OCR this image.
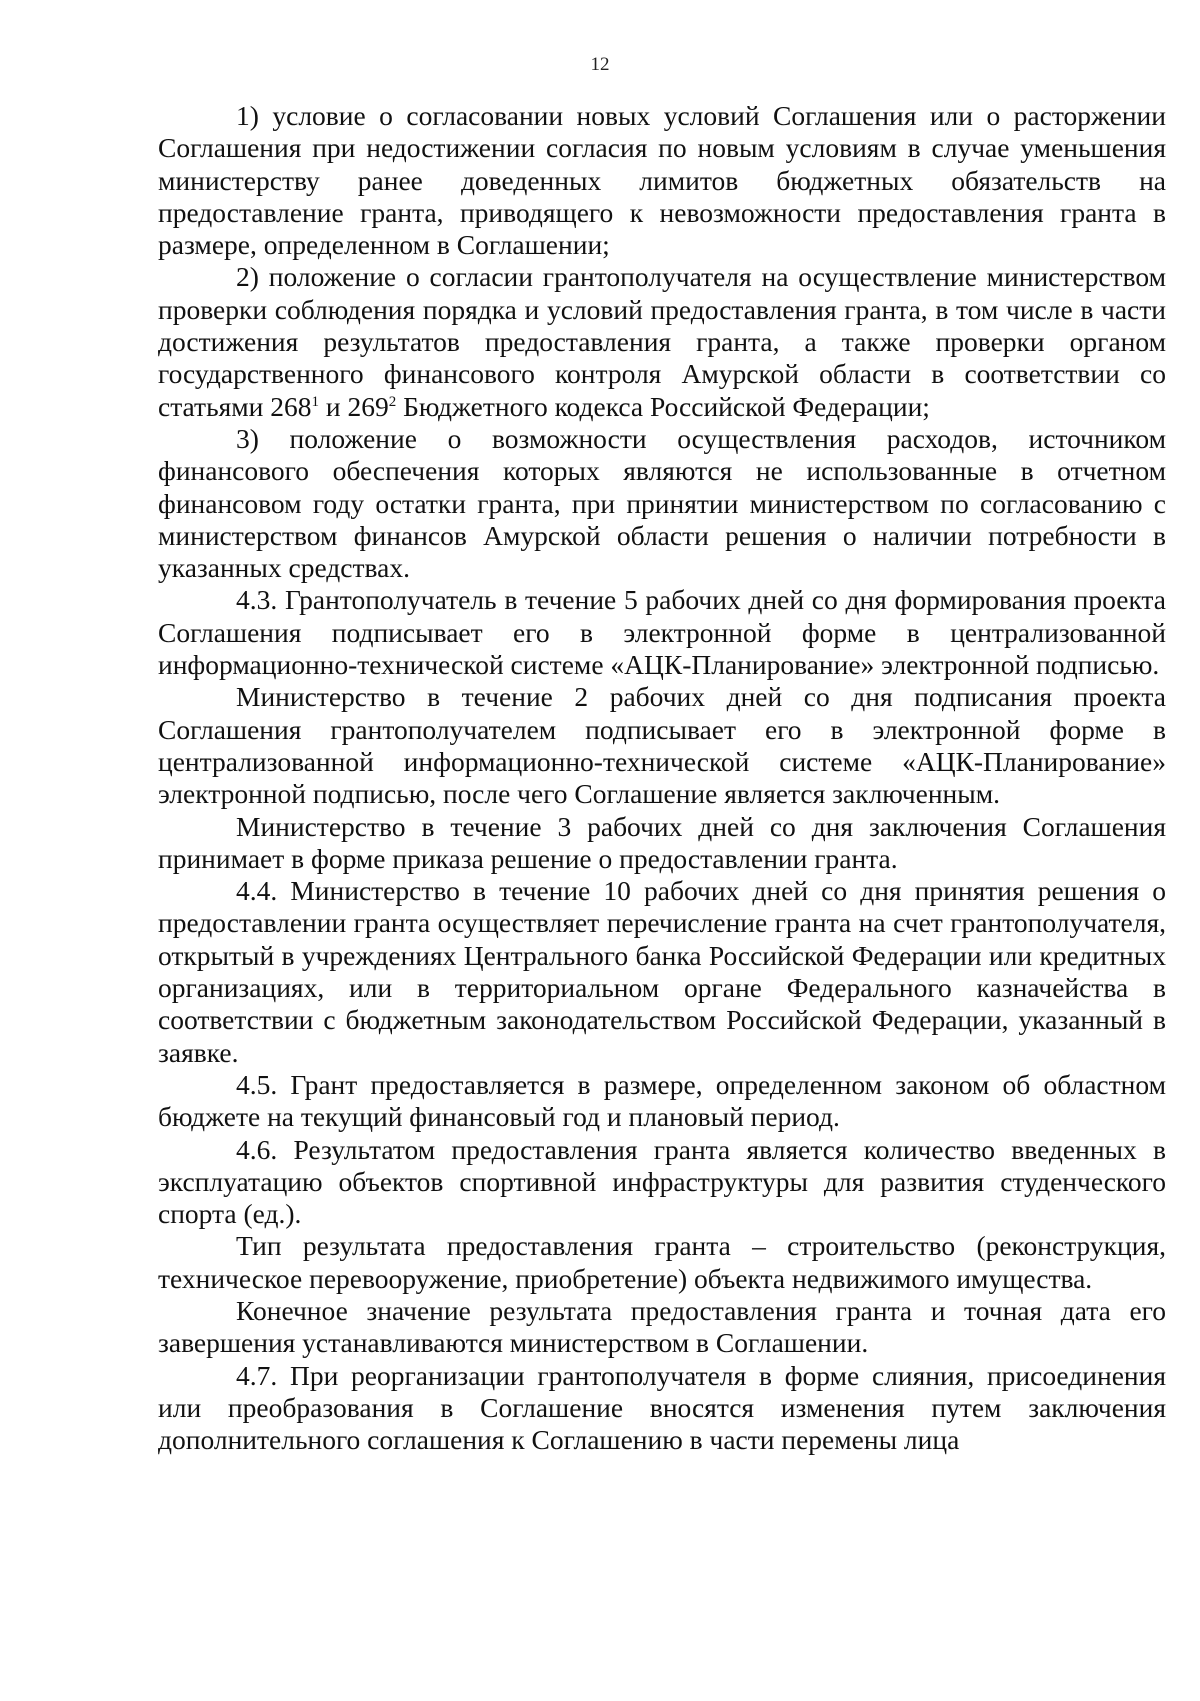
12

1) условие о согласовании новых условий Соглашения или о расторжении Соглашения при недостижении согласия по новым условиям в случае уменьшения министерству ранее доведенных лимитов бюджетных обязательств на предоставление гранта, приводящего к невозможности предоставления гранта в размере, определенном в Соглашении;

2) положение о согласии грантополучателя на осуществление министерством проверки соблюдения порядка и условий предоставления гранта, в том числе в части достижения результатов предоставления гранта, а также проверки органом государственного финансового контроля Амурской области в соответствии со статьями $268^1$ и $269^2$ Бюджетного кодекса Российской Федерации;

3) положение о возможности осуществления расходов, источником финансового обеспечения которых являются не использованные в отчетном финансовом году остатки гранта, при принятии министерством по согласованию с министерством финансов Амурской области решения о наличии потребности в указанных средствах.

4.3. Грантополучатель в течение 5 рабочих дней со дня формирования проекта Соглашения подписывает его в электронной форме в централизованной информационно-технической системе «АЦК-Планирование» электронной подписью.

Министерство в течение 2 рабочих дней со дня подписания проекта Соглашения грантополучателем подписывает его в электронной форме в централизованной информационно-технической системе «АЦК-Планирование» электронной подписью, после чего Соглашение является заключенным.

Министерство в течение 3 рабочих дней со дня заключения Соглашения принимает в форме приказа решение о предоставлении гранта.

4.4. Министерство в течение 10 рабочих дней со дня принятия решения о предоставлении гранта осуществляет перечисление гранта на счет грантополучателя, открытый в учреждениях Центрального банка Российской Федерации или кредитных организациях, или в территориальном органе Федерального казначейства в соответствии с бюджетным законодательством Российской Федерации, указанный в заявке.

4.5. Грант предоставляется в размере, определенном законом об областном бюджете на текущий финансовый год и плановый период.

4.6. Результатом предоставления гранта является количество введенных в эксплуатацию объектов спортивной инфраструктуры для развития студенческого спорта (ед.).

Тип результата предоставления гранта – строительство (реконструкция, техническое перевооружение, приобретение) объекта недвижимого имущества.

Конечное значение результата предоставления гранта и точная дата его завершения устанавливаются министерством в Соглашении.

4.7. При реорганизации грантополучателя в форме слияния, присоединения или преобразования в Соглашение вносятся изменения путем заключения дополнительного соглашения к Соглашению в части перемены лица
